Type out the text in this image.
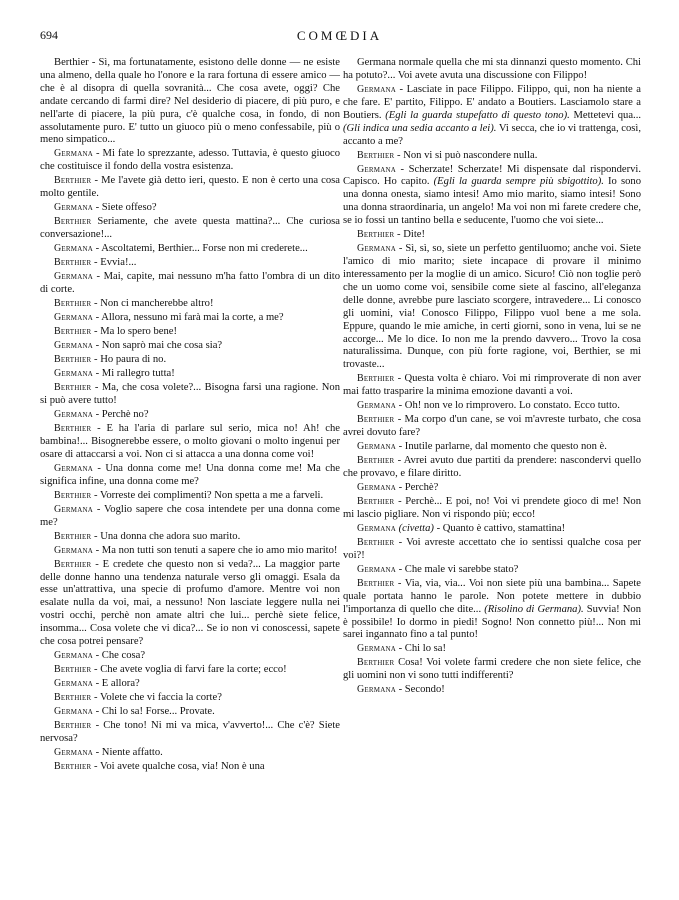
694	COMŒDIA

Berthier - Sì, ma fortunatamente, esistono delle donne — ne esiste una almeno, della quale ho l'onore e la rara fortuna di essere amico — che è al disopra di quella sovranità... Che cosa avete, oggi? Che andate cercando di farmi dire? Nel desiderio di piacere, di più puro, e nell'arte di piacere, la più pura, c'è qualche cosa, in fondo, di non assolutamente puro. E' tutto un giuoco più o meno confessabile, più o meno simpatico...

Germana - Mi fate lo sprezzante, adesso. Tuttavia, è questo giuoco che costituisce il fondo della vostra esistenza.

Berthier - Me l'avete già detto ieri, questo. E non è certo una cosa molto gentile.

Germana - Siete offeso?

Berthier Seriamente, che avete questa mattina?... Che curiosa conversazione!...

Germana - Ascoltatemi, Berthier... Forse non mi crederete...

Berthier - Evvia!...

Germana - Mai, capite, mai nessuno m'ha fatto l'ombra di un dito di corte.

Berthier - Non ci mancherebbe altro!

Germana - Allora, nessuno mi farà mai la corte, a me?

Berthier - Ma lo spero bene!

Germana - Non saprò mai che cosa sia?

Berthier - Ho paura di no.

Germana - Mi rallegro tutta!

Berthier - Ma, che cosa volete?... Bisogna farsi una ragione. Non si può avere tutto!

Germana - Perchè no?

Berthier - E ha l'aria di parlare sul serio, mica no! Ah! che bambina!... Bisognerebbe essere, o molto giovani o molto ingenui per osare di attaccarsi a voi. Non ci si attacca a una donna come voi!

Germana - Una donna come me! Una donna come me! Ma che significa infine, una donna come me?

Berthier - Vorreste dei complimenti? Non spetta a me a farveli.

Germana - Voglio sapere che cosa intendete per una donna come me?

Berthier - Una donna che adora suo marito.

Germana - Ma non tutti son tenuti a sapere che io amo mio marito!

Berthier - E credete che questo non si veda?... La maggior parte delle donne hanno una tendenza naturale verso gli omaggi. Esala da esse un'attrattiva, una specie di profumo d'amore. Mentre voi non esalate nulla da voi, mai, a nessuno! Non lasciate leggere nulla nei vostri occhi, perchè non amate altri che lui... perchè siete felice, insomma... Cosa volete che vi dica?... Se io non vi conoscessi, sapete che cosa potrei pensare?

Germana - Che cosa?

Berthier - Che avete voglia di farvi fare la corte; ecco!

Germana - E allora?

Berthier - Volete che vi faccia la corte?

Germana - Chi lo sa! Forse... Provate.

Berthier - Che tono! Ni mi va mica, v'avverto!... Che c'è? Siete nervosa?

Germana - Niente affatto.

Berthier - Voi avete qualche cosa, via! Non è una

Germana normale quella che mi sta dinnanzi questo momento. Chi ha potuto?... Voi avete avuta una discussione con Filippo!

Germana - Lasciate in pace Filippo. Filippo, qui, non ha niente a che fare. E' partito, Filippo. E' andato a Boutiers. Lasciamolo stare a Boutiers. (Egli la guarda stupefatto di questo tono). Mettetevi qua... (Gli indica una sedia accanto a lei). Vi secca, che io vi trattenga, così, accanto a me?

Berthier - Non vi si può nascondere nulla.

Germana - Scherzate! Scherzate! Mi dispensate dal rispondervi. Capisco. Ho capito. (Egli la guarda sempre più sbigottito). Io sono una donna onesta, siamo intesi! Amo mio marito, siamo intesi! Sono una donna straordinaria, un angelo! Ma voi non mi farete credere che, se io fossi un tantino bella e seducente, l'uomo che voi siete...

Berthier - Dite!

Germana - Sì, sì, so, siete un perfetto gentiluomo; anche voi. Siete l'amico di mio marito; siete incapace di provare il minimo interessamento per la moglie di un amico. Sicuro! Ciò non toglie però che un uomo come voi, sensibile come siete al fascino, all'eleganza delle donne, avrebbe pure lasciato scorgere, intravedere... Li conosco gli uomini, via! Conosco Filippo, Filippo vuol bene a me sola. Eppure, quando le mie amiche, in certi giorni, sono in vena, lui se ne accorge... Me lo dice. Io non me la prendo davvero... Trovo la cosa naturalissima. Dunque, con più forte ragione, voi, Berthier, se mi trovaste...

Berthier - Questa volta è chiaro. Voi mi rimproverate di non aver mai fatto trasparire la minima emozione davanti a voi.

Germana - Oh! non ve lo rimprovero. Lo constato. Ecco tutto.

Berthier - Ma corpo d'un cane, se voi m'avreste turbato, che cosa avrei dovuto fare?

Germana - Inutile parlarne, dal momento che questo non è.

Berthier - Avrei avuto due partiti da prendere: nascondervi quello che provavo, e filare diritto.

Germana - Perchè?

Berthier - Perchè... E poi, no! Voi vi prendete gioco di me! Non mi lascio pigliare. Non vi rispondo più; ecco!

Germana (civetta) - Quanto è cattivo, stamattina!

Berthier - Voi avreste accettato che io sentissi qualche cosa per voi?!

Germana - Che male vi sarebbe stato?

Berthier - Via, via, via... Voi non siete più una bambina... Sapete quale portata hanno le parole. Non potete mettere in dubbio l'importanza di quello che dite... (Risolino di Germana). Suvvia! Non è possibile! Io dormo in piedi! Sogno! Non connetto più!... Non mi sarei ingannato fino a tal punto!

Germana - Chi lo sa!

Berthier Cosa! Voi volete farmi credere che non siete felice, che gli uomini non vi sono tutti indifferenti?

Germana - Secondo!
